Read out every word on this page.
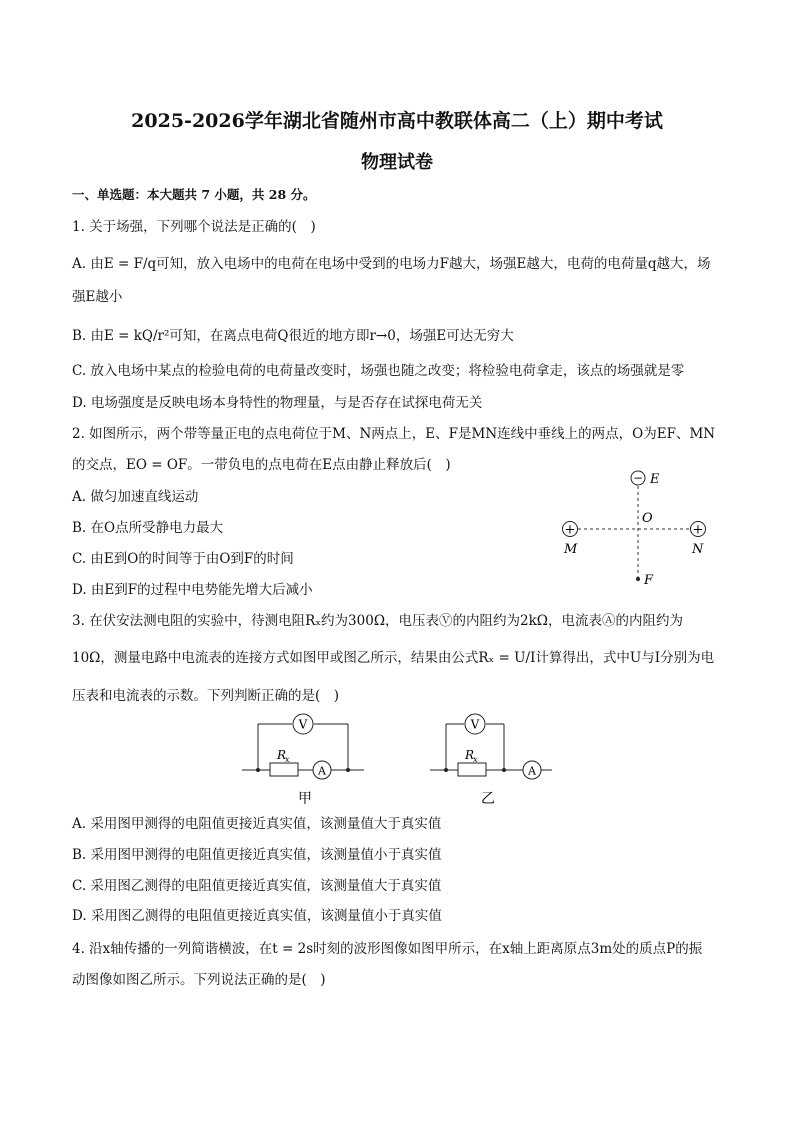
2025-2026学年湖北省随州市高中教联体高二（上）期中考试
物理试卷
一、单选题：本大题共 7 小题，共 28 分。
1. 关于场强，下列哪个说法是正确的(　)
A. 由E = F/q可知，放入电场中的电荷在电场中受到的电场力F越大，场强E越大，电荷的电荷量q越大，场
强E越小
B. 由E = kQ/r²可知，在离点电荷Q很近的地方即r→0，场强E可达无穷大
C. 放入电场中某点的检验电荷的电荷量改变时，场强也随之改变；将检验电荷拿走，该点的场强就是零
D. 电场强度是反映电场本身特性的物理量，与是否存在试探电荷无关
2. 如图所示，两个带等量正电的点电荷位于M、N两点上，E、F是MN连线中垂线上的两点，O为EF、MN
的交点，EO = OF。一带负电的点电荷在E点由静止释放后(　)
A. 做匀加速直线运动
B. 在O点所受静电力最大
C. 由E到O的时间等于由O到F的时间
D. 由E到F的过程中电势能先增大后减小
− E
+	+
M	N
O
F
3. 在伏安法测电阻的实验中，待测电阻Rₓ约为300Ω，电压表Ⓥ的内阻约为2kΩ，电流表Ⓐ的内阻约为
10Ω，测量电路中电流表的连接方式如图甲或图乙所示，结果由公式Rₓ = U/I计算得出，式中U与I分别为电
压表和电流表的示数。下列判断正确的是(　)
V
R
x
A
甲
V
R
x
A
乙
A. 采用图甲测得的电阻值更接近真实值，该测量值大于真实值
B. 采用图甲测得的电阻值更接近真实值，该测量值小于真实值
C. 采用图乙测得的电阻值更接近真实值，该测量值大于真实值
D. 采用图乙测得的电阻值更接近真实值，该测量值小于真实值
4. 沿x轴传播的一列简谐横波，在t = 2s时刻的波形图像如图甲所示，在x轴上距离原点3m处的质点P的振
动图像如图乙所示。下列说法正确的是(　)
